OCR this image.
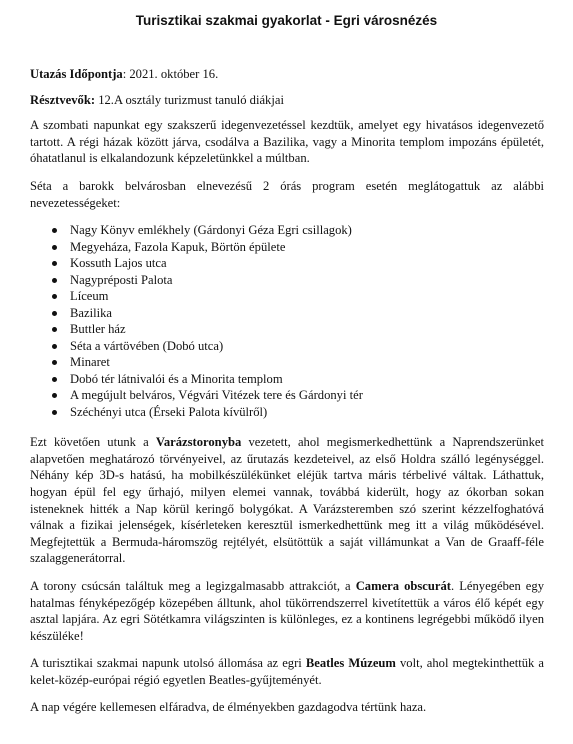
Turisztikai szakmai gyakorlat - Egri városnézés

Utazás Időpontja: 2021. október 16.

Résztvevők: 12.A osztály turizmust tanuló diákjai

A szombati napunkat egy szakszerű idegenvezetéssel kezdtük, amelyet egy hivatásos idegenvezető tartott. A régi házak között járva, csodálva a Bazilika, vagy a Minorita templom impozáns épületét, óhatatlanul is elkalandozunk képzeletünkkel a múltban.

Séta a barokk belvárosban elnevezésű 2 órás program esetén meglátogattuk az alábbi nevezetességeket:

Nagy Könyv emlékhely (Gárdonyi Géza Egri csillagok)
Megyeháza, Fazola Kapuk, Börtön épülete
Kossuth Lajos utca
Nagypréposti Palota
Líceum
Bazilika
Buttler ház
Séta a vártövében (Dobó utca)
Minaret
Dobó tér látnivalói és a Minorita templom
A megújult belváros, Végvári Vitézek tere és Gárdonyi tér
Széchényi utca (Érseki Palota kívülről)

Ezt követően utunk a Varázstoronyba vezetett, ahol megismerkedhettünk a Naprendszerünket alapvetően meghatározó törvényeivel, az űrutazás kezdeteivel, az első Holdra szálló legénységgel. Néhány kép 3D-s hatású, ha mobilkészülékünket eléjük tartva máris térbelivé váltak. Láthattuk, hogyan épül fel egy űrhajó, milyen elemei vannak, továbbá kiderült, hogy az ókorban sokan isteneknek hitték a Nap körül keringő bolygókat. A Varázsteremben szó szerint kézzelfoghatóvá válnak a fizikai jelenségek, kísérleteken keresztül ismerkedhettünk meg itt a világ működésével. Megfejtettük a Bermuda-háromszög rejtélyét, elsütöttük a saját villámunkat a Van de Graaff-féle szalaggenerátorral.

A torony csúcsán találtuk meg a legizgalmasabb attrakciót, a Camera obscurát. Lényegében egy hatalmas fényképezőgép közepében álltunk, ahol tükörrendszerrel kivetítettük a város élő képét egy asztal lapjára. Az egri Sötétkamra világszinten is különleges, ez a kontinens legrégebbi működő ilyen készüléke!

A turisztikai szakmai napunk utolsó állomása az egri Beatles Múzeum volt, ahol megtekinthettük a kelet-közép-európai régió egyetlen Beatles-gyűjteményét.

A nap végére kellemesen elfáradva, de élményekben gazdagodva tértünk haza.
